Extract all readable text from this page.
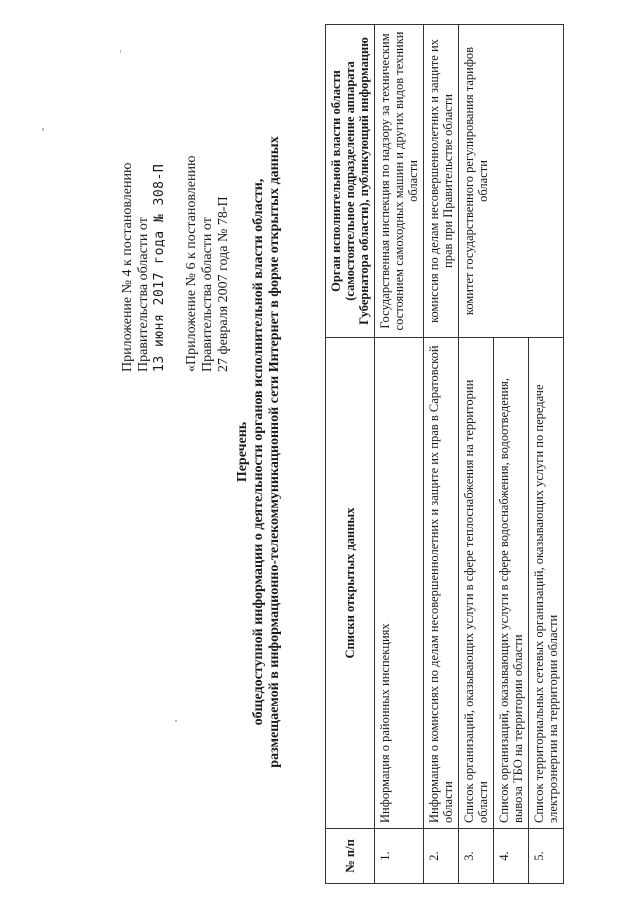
Приложение № 4 к постановлению Правительства области от 13 июня 2017 года № 308-П «Приложение № 6 к постановлению Правительства области от 27 февраля 2007 года № 78-П
Перечень общедоступной информации о деятельности органов исполнительной власти области, размещаемой в информационно-телекоммуникационной сети Интернет в форме открытых данных
№ п/п	Списки открытых данных	Орган исполнительной власти области (самостоятельное подразделение аппарата Губернатора области), публикующий информацию
1.	Информация о районных инспекциях	Государственная инспекция по надзору за техническим состоянием самоходных машин и других видов техники области
2.	Информация о комиссиях по делам несовершеннолетних и защите их прав в Саратовской области	комиссия по делам несовершеннолетних и защите их прав при Правительстве области
3.	Список организаций, оказывающих услуги в сфере теплоснабжения на территории области	комитет государственного регулирования тарифов области
4.	Список организаций, оказывающих услуги в сфере водоснабжения, водоотведения, вывоза ТБО на территории области	
5.	Список территориальных сетевых организаций, оказывающих услуги по передаче электроэнергии на территории области	
